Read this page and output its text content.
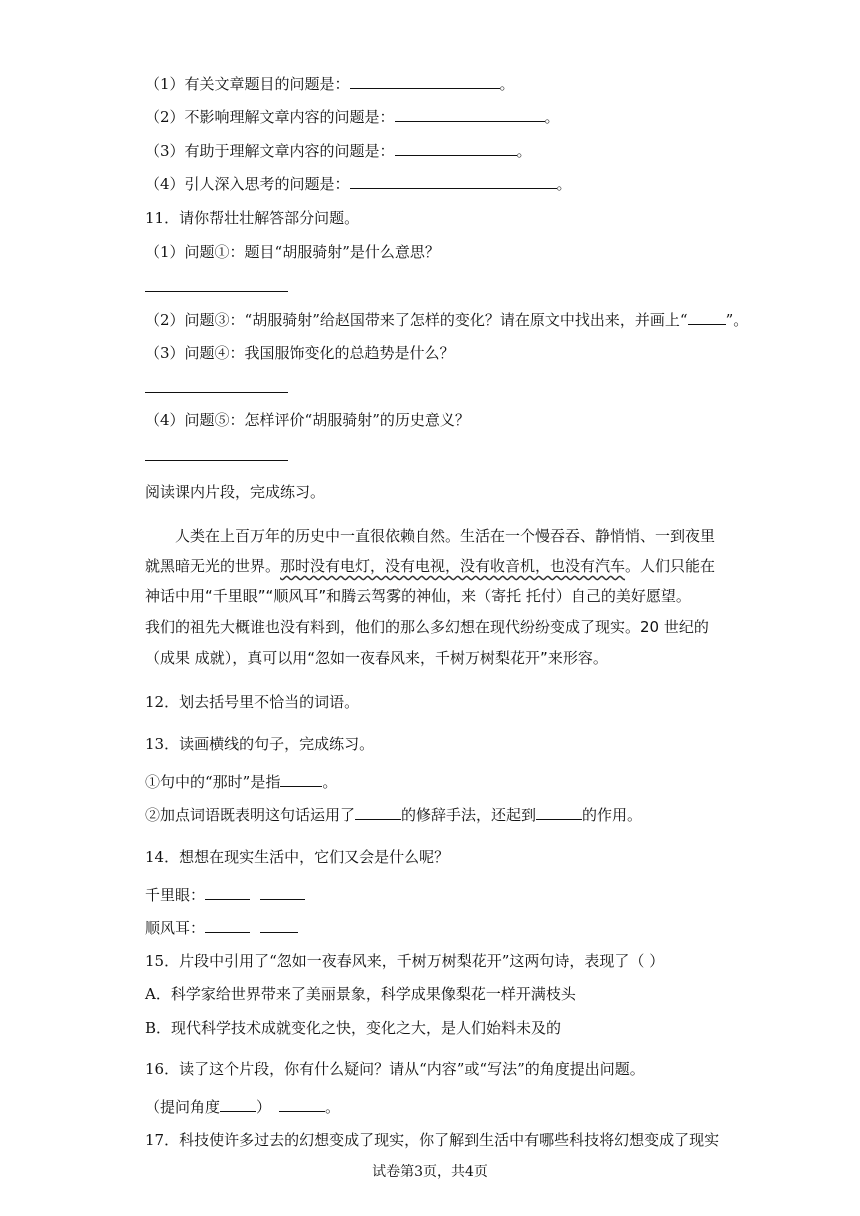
（1）有关文章题目的问题是：	。
（2）不影响理解文章内容的问题是：	。
（3）有助于理解文章内容的问题是：	。
（4）引人深入思考的问题是：	。
11．请你帮壮壮解答部分问题。
（1）问题①：题目“胡服骑射”是什么意思？
（2）问题③：“胡服骑射”给赵国带来了怎样的变化？请在原文中找出来，并画上“	”。
（3）问题④：我国服饰变化的总趋势是什么？
（4）问题⑤：怎样评价“胡服骑射”的历史意义？
阅读课内片段，完成练习。
人类在上百万年的历史中一直很依赖自然。生活在一个慢吞吞、静悄悄、一到夜里
就黑暗无光的世界。那时没有电灯，没有电视，没有收音机，也没有汽车。人们只能在
神话中用“千里眼”“顺风耳”和腾云驾雾的神仙，来（寄托 托付）自己的美好愿望。
我们的祖先大概谁也没有料到，他们的那么多幻想在现代纷纷变成了现实。20 世纪的
（成果 成就），真可以用“忽如一夜春风来，千树万树梨花开”来形容。
12．划去括号里不恰当的词语。
13．读画横线的句子，完成练习。
①句中的“那时”是指	。
②加点词语既表明这句话运用了	的修辞手法，还起到	的作用。
14．想想在现实生活中，它们又会是什么呢？
千里眼：
顺风耳：
15．片段中引用了“忽如一夜春风来，千树万树梨花开”这两句诗，表现了（ ）
A．科学家给世界带来了美丽景象，科学成果像梨花一样开满枝头
B．现代科学技术成就变化之快，变化之大，是人们始料未及的
16．读了这个片段，你有什么疑问？请从“内容”或“写法”的角度提出问题。
（提问角度 ）	。
17．科技使许多过去的幻想变成了现实，你了解到生活中有哪些科技将幻想变成了现实
试卷第3页，共4页
